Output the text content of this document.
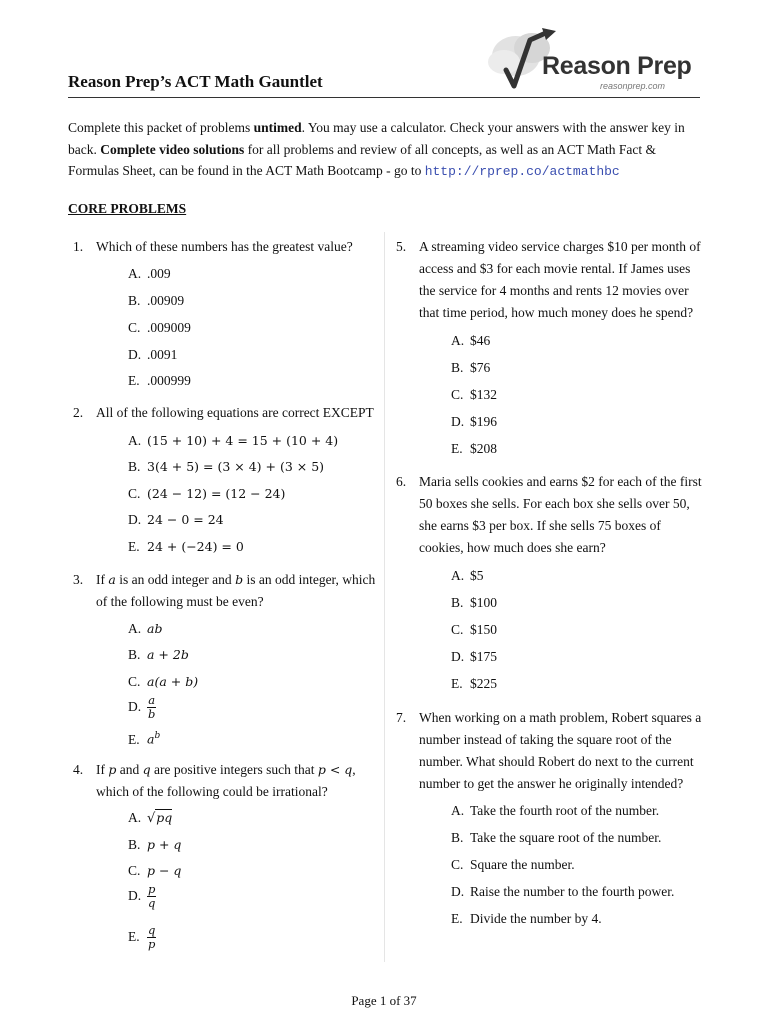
Reason Prep’s ACT Math Gauntlet
Reason Prep
reasonprep.com
Complete this packet of problems untimed. You may use a calculator. Check your answers with the answer key in back. Complete video solutions for all problems and review of all concepts, as well as an ACT Math Fact & Formulas Sheet, can be found in the ACT Math Bootcamp - go to http://rprep.co/actmathbc
CORE PROBLEMS
1. Which of these numbers has the greatest value?
A. .009
B. .00909
C. .009009
D. .0091
E. .000999
2. All of the following equations are correct EXCEPT
A. (15 + 10) + 4 = 15 + (10 + 4)
B. 3(4 + 5) = (3 × 4) + (3 × 5)
C. (24 − 12) = (12 − 24)
D. 24 − 0 = 24
E. 24 + (−24) = 0
3. If a is an odd integer and b is an odd integer, which of the following must be even?
A. ab
B. a + 2b
C. a(a + b)
D. $\frac{a}{b}$
E. $a^b$
4. If p and q are positive integers such that p < q, which of the following could be irrational?
A. √pq
B. p + q
C. p − q
D. $\frac{p}{q}$
E. $\frac{q}{p}$
5. A streaming video service charges $10 per month of access and $3 for each movie rental. If James uses the service for 4 months and rents 12 movies over that time period, how much money does he spend?
A. $46
B. $76
C. $132
D. $196
E. $208
6. Maria sells cookies and earns $2 for each of the first 50 boxes she sells. For each box she sells over 50, she earns $3 per box. If she sells 75 boxes of cookies, how much does she earn?
A. $5
B. $100
C. $150
D. $175
E. $225
7. When working on a math problem, Robert squares a number instead of taking the square root of the number. What should Robert do next to the current number to get the answer he originally intended?
A. Take the fourth root of the number.
B. Take the square root of the number.
C. Square the number.
D. Raise the number to the fourth power.
E. Divide the number by 4.
Page 1 of 37
